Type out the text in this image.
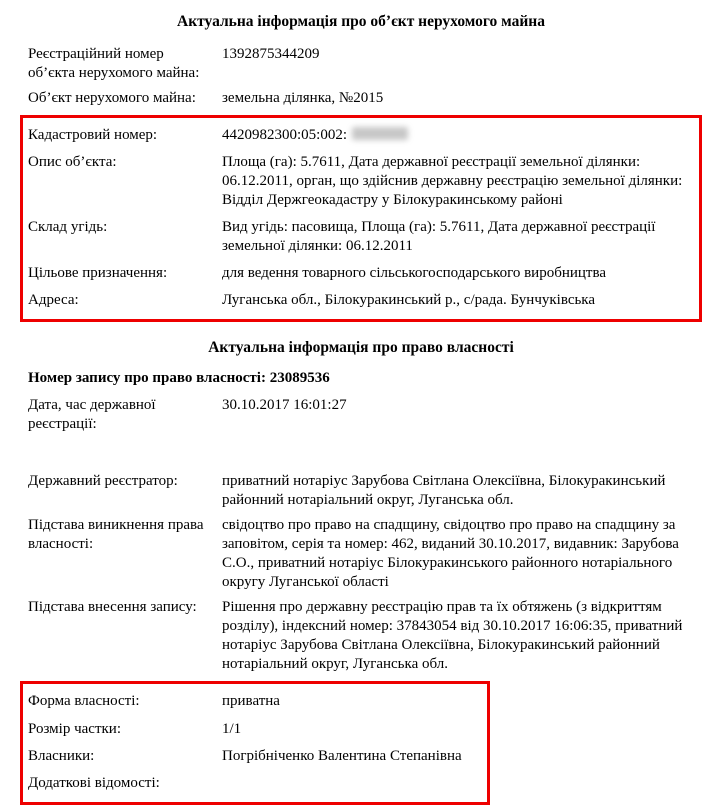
Актуальна інформація про об’єкт нерухомого майна
Реєстраційний номер об’єкта нерухомого майна:
1392875344209
Об’єкт нерухомого майна:	земельна ділянка, №2015
Кадастровий номер:	4420982300:05:002:
Опис об’єкта:	Площа (га): 5.7611, Дата державної реєстрації земельної ділянки: 06.12.2011, орган, що здійснив державну реєстрацію земельної ділянки: Відділ Держгеокадастру у Білокуракинському районі
Склад угідь:	Вид угідь: пасовища, Площа (га): 5.7611, Дата державної реєстрації земельної ділянки: 06.12.2011
Цільове призначення:	для ведення товарного сільськогосподарського виробництва
Адреса:	Луганська обл., Білокуракинський р., с/рада. Бунчуківська
Актуальна інформація про право власності
Номер запису про право власності: 23089536
Дата, час державної реєстрації:
30.10.2017 16:01:27
Державний реєстратор:	приватний нотаріус Зарубова Світлана Олексіївна, Білокуракинський районний нотаріальний округ, Луганська обл.
Підстава виникнення права власності:
свідоцтво про право на спадщину, свідоцтво про право на спадщину за заповітом, серія та номер: 462, виданий 30.10.2017, видавник: Зарубова С.О., приватний нотаріус Білокуракинського районного нотаріального округу Луганської області
Підстава внесення запису:	Рішення про державну реєстрацію прав та їх обтяжень (з відкриттям розділу), індексний номер: 37843054 від 30.10.2017 16:06:35, приватний нотаріус Зарубова Світлана Олексіївна, Білокуракинський районний нотаріальний округ, Луганська обл.
Форма власності:	приватна
Розмір частки:	1/1
Власники:	Погрібніченко Валентина Степанівна
Додаткові відомості:
